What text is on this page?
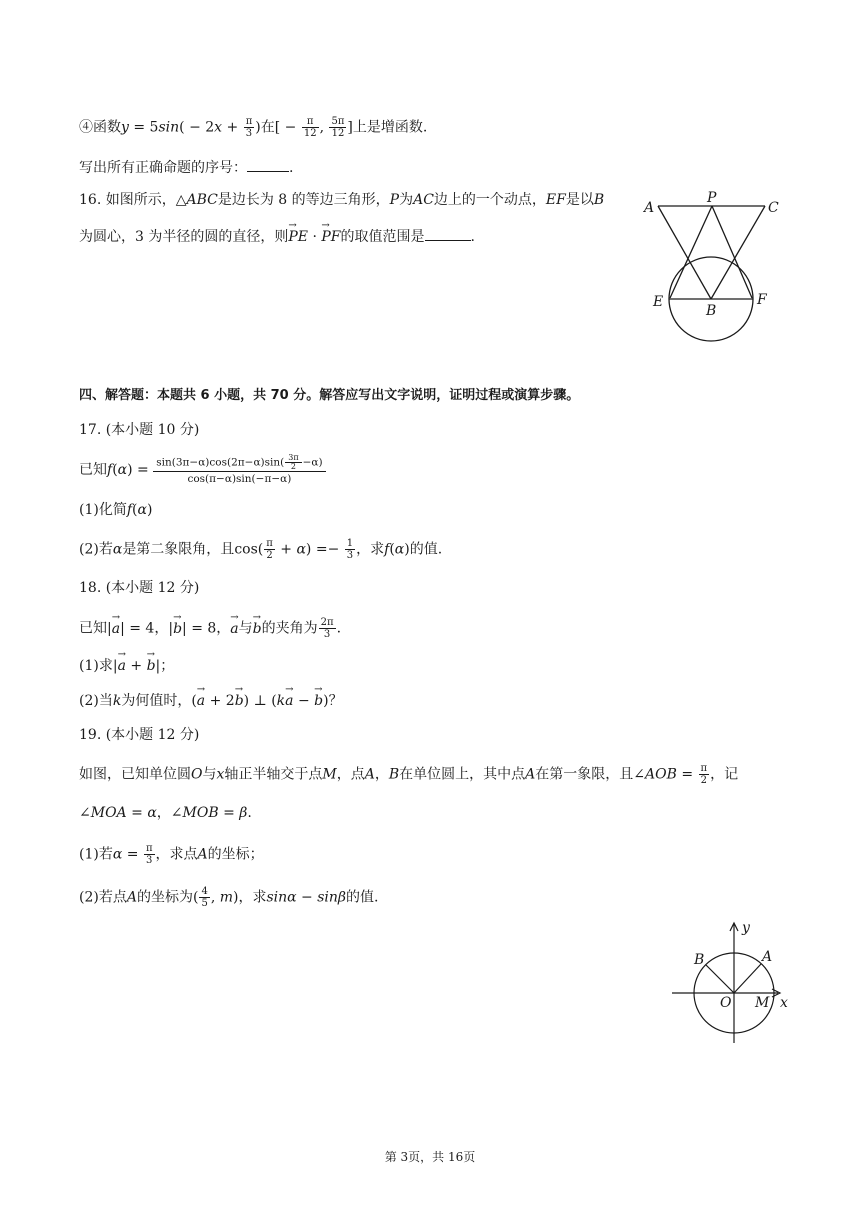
④函数$y = 5\sin( - 2x + \frac{\pi}{3}$ )在[ − $\frac{\pi}{12}$ , $\frac{5\pi}{12}$ ]上是增函数.
写出所有正确命题的序号：	.
16. 如图所示，△ABC是边长为 8 的等边三角形，P为AC边上的一个动点，EF是以B
为圆心，3 为半径的圆的直径，则→ PE · → PF的取值范围是	.
A
P
C
E
B
F
四、解答题：本题共 6 小题，共 70 分。解答应写出文字说明，证明过程或演算步骤。
17. (本小题 10 分)
已知$f(\alpha) = \frac{\sin(3\pi-\alpha)\cos(2\pi-\alpha)\sin( \frac{3\pi}{2} -\alpha)}{\cos(\pi-\alpha)\sin(-\pi-\alpha)}$
(1)化简f(α)
(2)若α是第二象限角，且$\cos( \frac{\pi}{2} + \alpha) =- \frac{1}{3}$ ，求f(α)的值.
18. (本小题 12 分)
已知|→ a| = 4，|→ b| = 8，→ a与→ b的夹角为 $\frac{2\pi}{3}$ .
(1)求|→ a + → b|；
(2)当k为何值时，(→ a + 2→ b) ⊥ (k→ a − → b)？
19. (本小题 12 分)
如图，已知单位圆O与x轴正半轴交于点M，点A，B在单位圆上，其中点A在第一象限，且∠AOB = $\frac{\pi}{2}$ ，记
∠MOA = α，∠MOB = β.
(1)若$\alpha = \frac{\pi}{3}$ ，求点A的坐标；
(2)若点A的坐标为( $\frac{4}{5}$ , m)，求sinα − sinβ的值.
y
B	A
O M x
第 3页，共 16页
